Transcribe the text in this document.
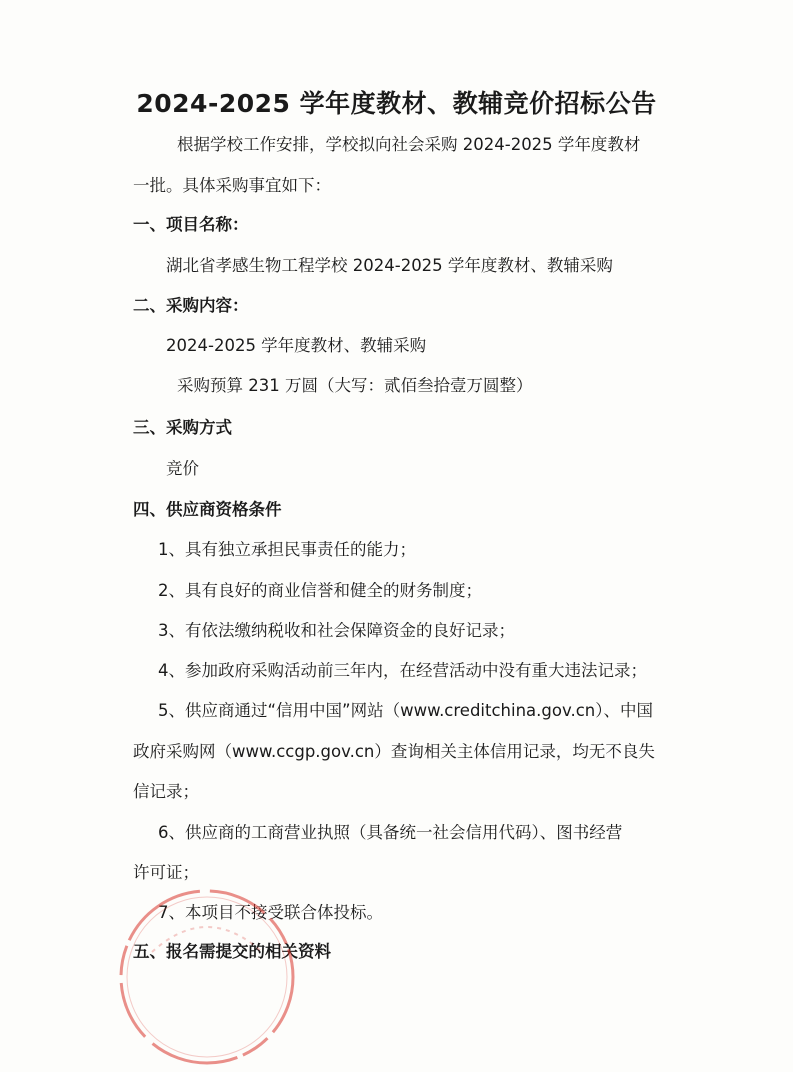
2024-2025 学年度教材、教辅竞价招标公告
根据学校工作安排，学校拟向社会采购 2024-2025 学年度教材
一批。具体采购事宜如下：
一、项目名称：
湖北省孝感生物工程学校 2024-2025 学年度教材、教辅采购
二、采购内容：
2024-2025 学年度教材、教辅采购
采购预算 231 万圆（大写：贰佰叁拾壹万圆整）
三、采购方式
竞价
四、供应商资格条件
1、具有独立承担民事责任的能力；
2、具有良好的商业信誉和健全的财务制度；
3、有依法缴纳税收和社会保障资金的良好记录；
4、参加政府采购活动前三年内，在经营活动中没有重大违法记录；
5、供应商通过“信用中国”网站（www.creditchina.gov.cn）、中国
政府采购网（www.ccgp.gov.cn）查询相关主体信用记录，均无不良失
信记录；
6、供应商的工商营业执照（具备统一社会信用代码）、图书经营
许可证；
7、本项目不接受联合体投标。
五、报名需提交的相关资料
